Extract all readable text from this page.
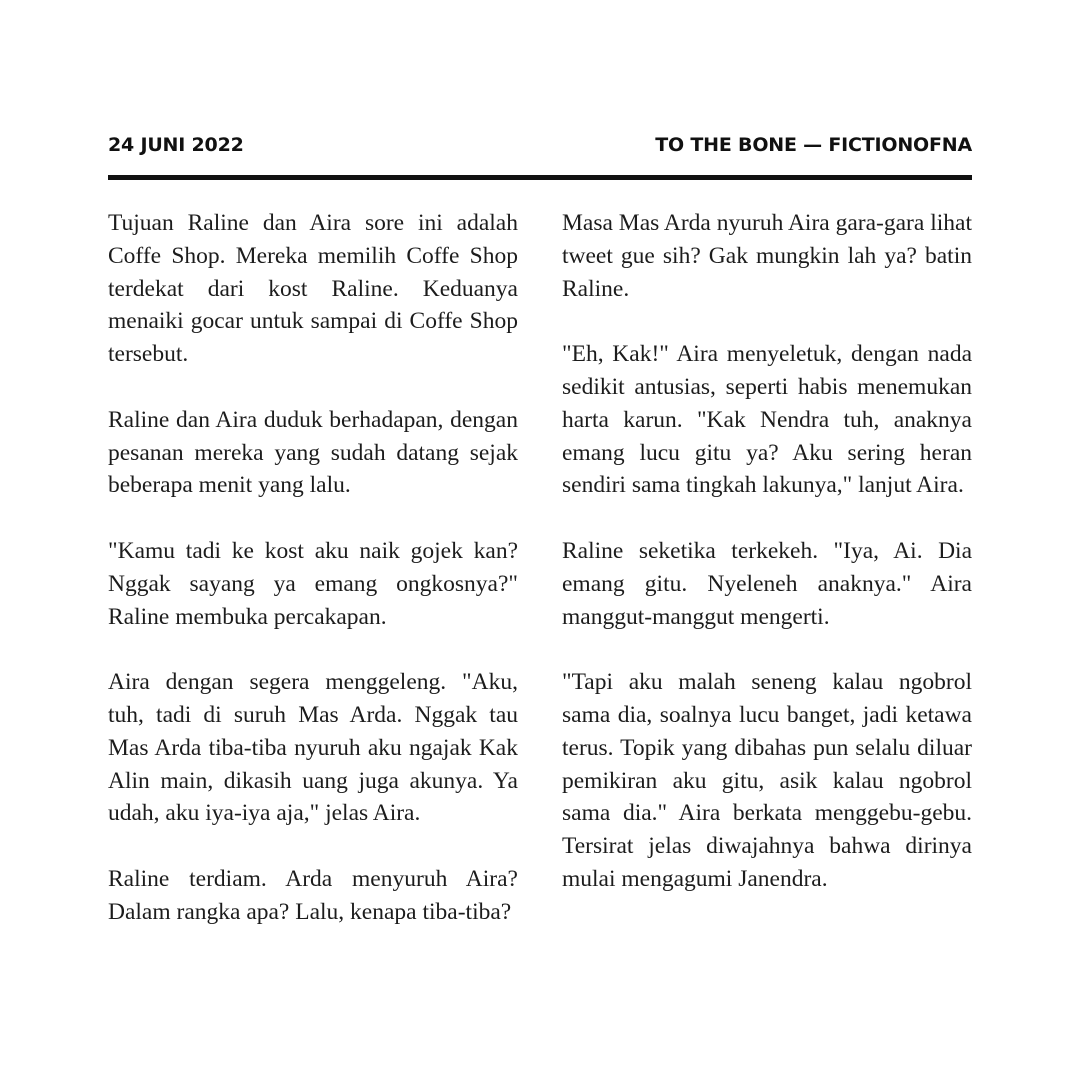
24 JUNI 2022	TO THE BONE — FICTIONOFNA

Tujuan Raline dan Aira sore ini adalah Coffe Shop. Mereka memilih Coffe Shop terdekat dari kost Raline. Keduanya menaiki gocar untuk sampai di Coffe Shop tersebut.

Raline dan Aira duduk berhadapan, dengan pesanan mereka yang sudah datang sejak beberapa menit yang lalu.

"Kamu tadi ke kost aku naik gojek kan? Nggak sayang ya emang ongkosnya?" Raline membuka percakapan.

Aira dengan segera menggeleng. "Aku, tuh, tadi di suruh Mas Arda. Nggak tau Mas Arda tiba-tiba nyuruh aku ngajak Kak Alin main, dikasih uang juga akunya. Ya udah, aku iya-iya aja," jelas Aira.

Raline terdiam. Arda menyuruh Aira? Dalam rangka apa? Lalu, kenapa tiba-tiba?

Masa Mas Arda nyuruh Aira gara-gara lihat tweet gue sih? Gak mungkin lah ya? batin Raline.

"Eh, Kak!" Aira menyeletuk, dengan nada sedikit antusias, seperti habis menemukan harta karun. "Kak Nendra tuh, anaknya emang lucu gitu ya? Aku sering heran sendiri sama tingkah lakunya," lanjut Aira.

Raline seketika terkekeh. "Iya, Ai. Dia emang gitu. Nyeleneh anaknya." Aira manggut-manggut mengerti.

"Tapi aku malah seneng kalau ngobrol sama dia, soalnya lucu banget, jadi ketawa terus. Topik yang dibahas pun selalu diluar pemikiran aku gitu, asik kalau ngobrol sama dia." Aira berkata menggebu-gebu. Tersirat jelas diwajahnya bahwa dirinya mulai mengagumi Janendra.
